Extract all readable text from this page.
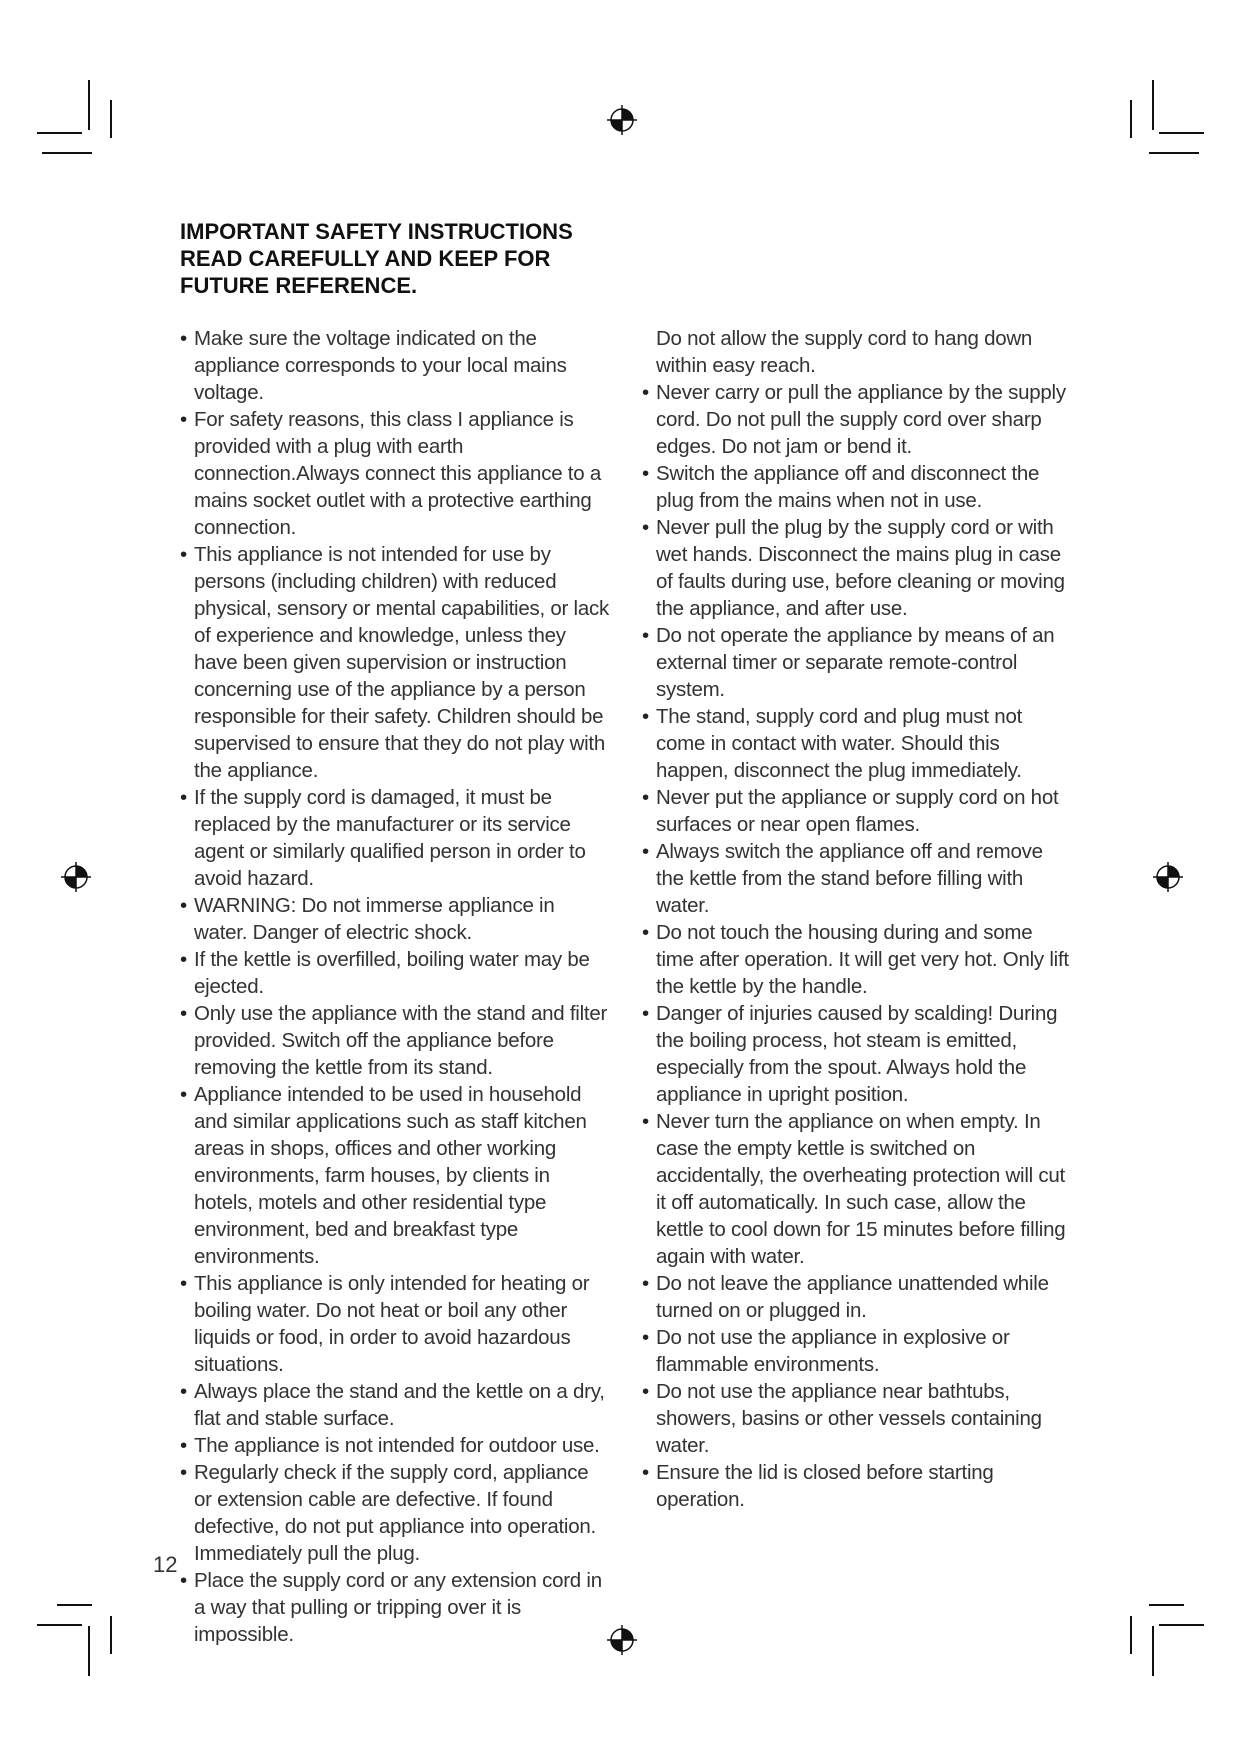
IMPORTANT SAFETY INSTRUCTIONS READ CAREFULLY AND KEEP FOR FUTURE REFERENCE.
• Make sure the voltage indicated on the appliance corresponds to your local mains voltage.
• For safety reasons, this class I appliance is provided with a plug with earth connection.Always connect this appliance to a mains socket outlet with a protective earthing connection.
• This appliance is not intended for use by persons (including children) with reduced physical, sensory or mental capabilities, or lack of experience and knowledge, unless they have been given supervision or instruction concerning use of the appliance by a person responsible for their safety. Children should be supervised to ensure that they do not play with the appliance.
• If the supply cord is damaged, it must be replaced by the manufacturer or its service agent or similarly qualified person in order to avoid hazard.
• WARNING: Do not immerse appliance in water. Danger of electric shock.
• If the kettle is overfilled, boiling water may be ejected.
• Only use the appliance with the stand and filter provided. Switch off the appliance before removing the kettle from its stand.
• Appliance intended to be used in household and similar applications such as staff kitchen areas in shops, offices and other working environments, farm houses, by clients in hotels, motels and other residential type environment, bed and breakfast type environments.
• This appliance is only intended for heating or boiling water. Do not heat or boil any other liquids or food, in order to avoid hazardous situations.
• Always place the stand and the kettle on a dry, flat and stable surface.
• The appliance is not intended for outdoor use.
• Regularly check if the supply cord, appliance or extension cable are defective. If found defective, do not put appliance into operation. Immediately pull the plug.
• Place the supply cord or any extension cord in a way that pulling or tripping over it is impossible.
Do not allow the supply cord to hang down within easy reach.
• Never carry or pull the appliance by the supply cord. Do not pull the supply cord over sharp edges. Do not jam or bend it.
• Switch the appliance off and disconnect the plug from the mains when not in use.
• Never pull the plug by the supply cord or with wet hands. Disconnect the mains plug in case of faults during use, before cleaning or moving the appliance, and after use.
• Do not operate the appliance by means of an external timer or separate remote-control system.
• The stand, supply cord and plug must not come in contact with water. Should this happen, disconnect the plug immediately.
• Never put the appliance or supply cord on hot surfaces or near open flames.
• Always switch the appliance off and remove the kettle from the stand before filling with water.
• Do not touch the housing during and some time after operation. It will get very hot. Only lift the kettle by the handle.
• Danger of injuries caused by scalding! During the boiling process, hot steam is emitted, especially from the spout. Always hold the appliance in upright position.
• Never turn the appliance on when empty. In case the empty kettle is switched on accidentally, the overheating protection will cut it off automatically. In such case, allow the kettle to cool down for 15 minutes before filling again with water.
• Do not leave the appliance unattended while turned on or plugged in.
• Do not use the appliance in explosive or flammable environments.
• Do not use the appliance near bathtubs, showers, basins or other vessels containing water.
• Ensure the lid is closed before starting operation.
12
